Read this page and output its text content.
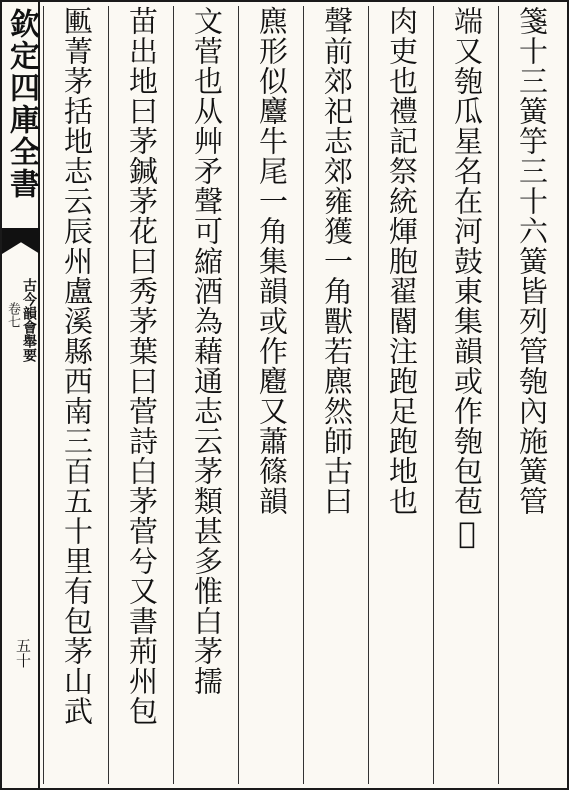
欽定四庫全書
卷七 古今韻會舉要
五十
箋十三簧竽三十六簧皆列管匏內施簧管
端又匏瓜星名在河鼓東集韻或作匏包苞𩐎
肉吏也禮記祭統煇胞翟閽注跑足跑地也
聲前郊祀志郊雍獲一角獸若麃然師古曰
麃形似麞牛尾一角集韻或作麅又蕭篠韻
文菅也从艸矛聲可縮酒為藉通志云茅類甚多惟白茅擩
苗出地曰茅鍼茅花曰秀茅葉曰菅詩白茅菅兮又書荊州包
匭菁茅括地志云辰州盧溪縣西南三百五十里有包茅山武
